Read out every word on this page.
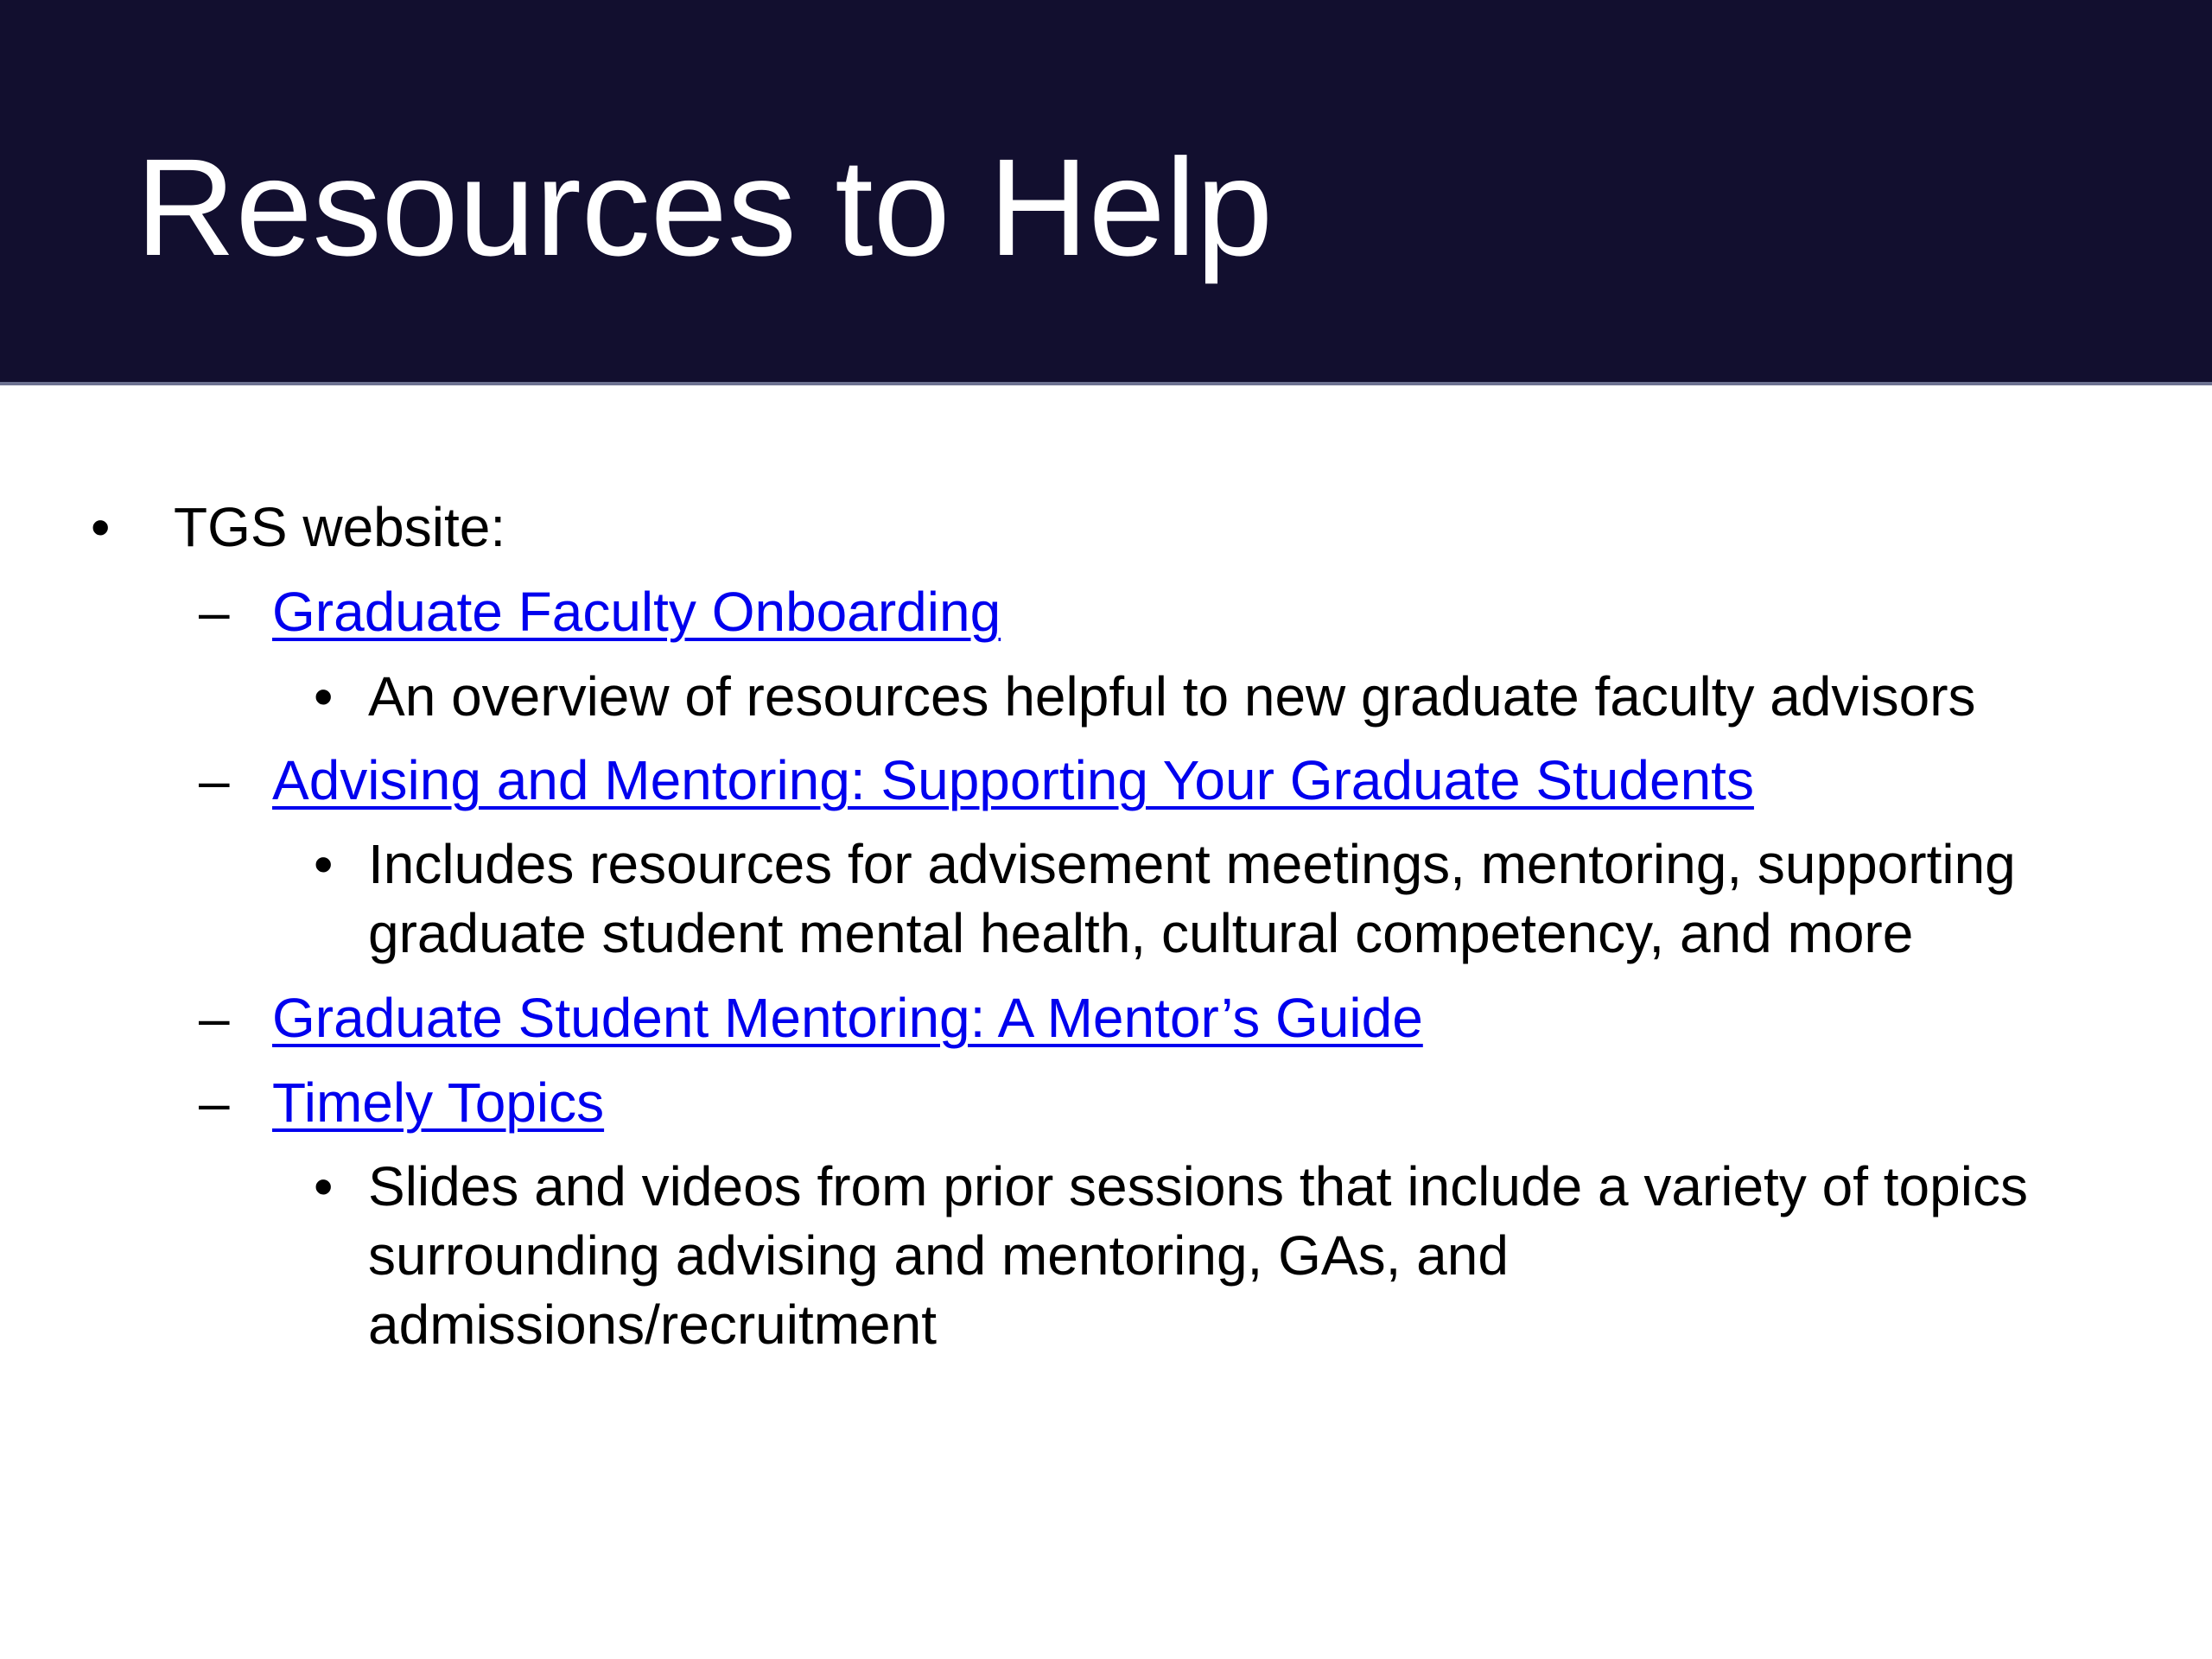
Resources to Help
• TGS website:
– Graduate Faculty Onboarding
• An overview of resources helpful to new graduate faculty advisors
– Advising and Mentoring: Supporting Your Graduate Students
• Includes resources for advisement meetings, mentoring, supporting
graduate student mental health, cultural competency, and more
– Graduate Student Mentoring: A Mentor’s Guide
– Timely Topics
• Slides and videos from prior sessions that include a variety of topics
surrounding advising and mentoring, GAs, and
admissions/recruitment
